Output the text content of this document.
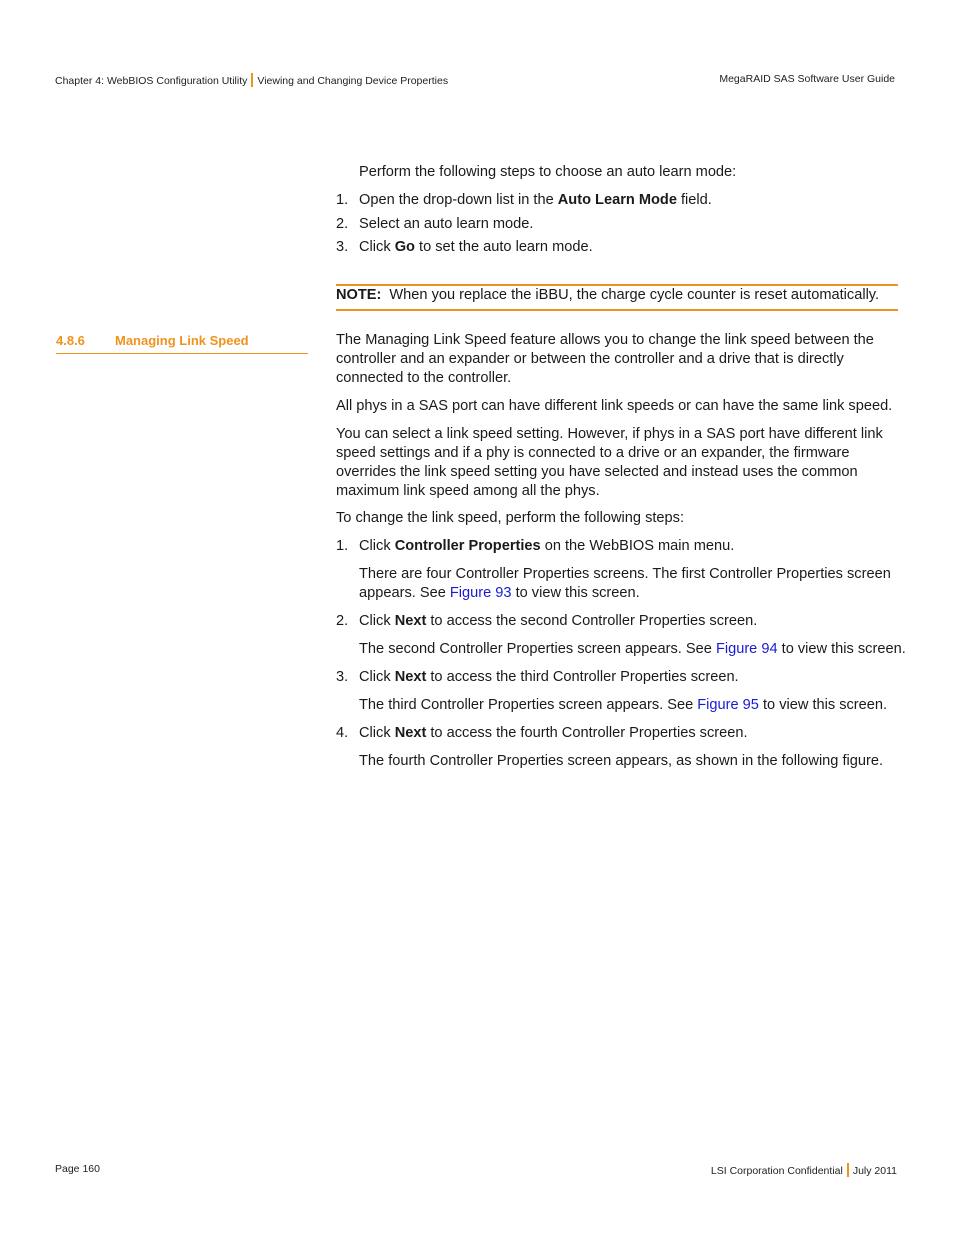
Chapter 4: WebBIOS Configuration Utility Viewing and Changing Device Properties	MegaRAID SAS Software User Guide
Perform the following steps to choose an auto learn mode:
1. Open the drop-down list in the Auto Learn Mode field.
2. Select an auto learn mode.
3. Click Go to set the auto learn mode.
NOTE: When you replace the iBBU, the charge cycle counter is reset automatically.
4.8.6 Managing Link Speed	The Managing Link Speed feature allows you to change the link speed between the
controller and an expander or between the controller and a drive that is directly
connected to the controller.
All phys in a SAS port can have different link speeds or can have the same link speed.
You can select a link speed setting. However, if phys in a SAS port have different link
speed settings and if a phy is connected to a drive or an expander, the firmware
overrides the link speed setting you have selected and instead uses the common
maximum link speed among all the phys.
To change the link speed, perform the following steps:
1. Click Controller Properties on the WebBIOS main menu.
There are four Controller Properties screens. The first Controller Properties screen
appears. See Figure 93 to view this screen.
2. Click Next to access the second Controller Properties screen.
The second Controller Properties screen appears. See Figure 94 to view this screen.
3. Click Next to access the third Controller Properties screen.
The third Controller Properties screen appears. See Figure 95 to view this screen.
4. Click Next to access the fourth Controller Properties screen.
The fourth Controller Properties screen appears, as shown in the following figure.
Page 160	LSI Corporation Confidential July 2011
